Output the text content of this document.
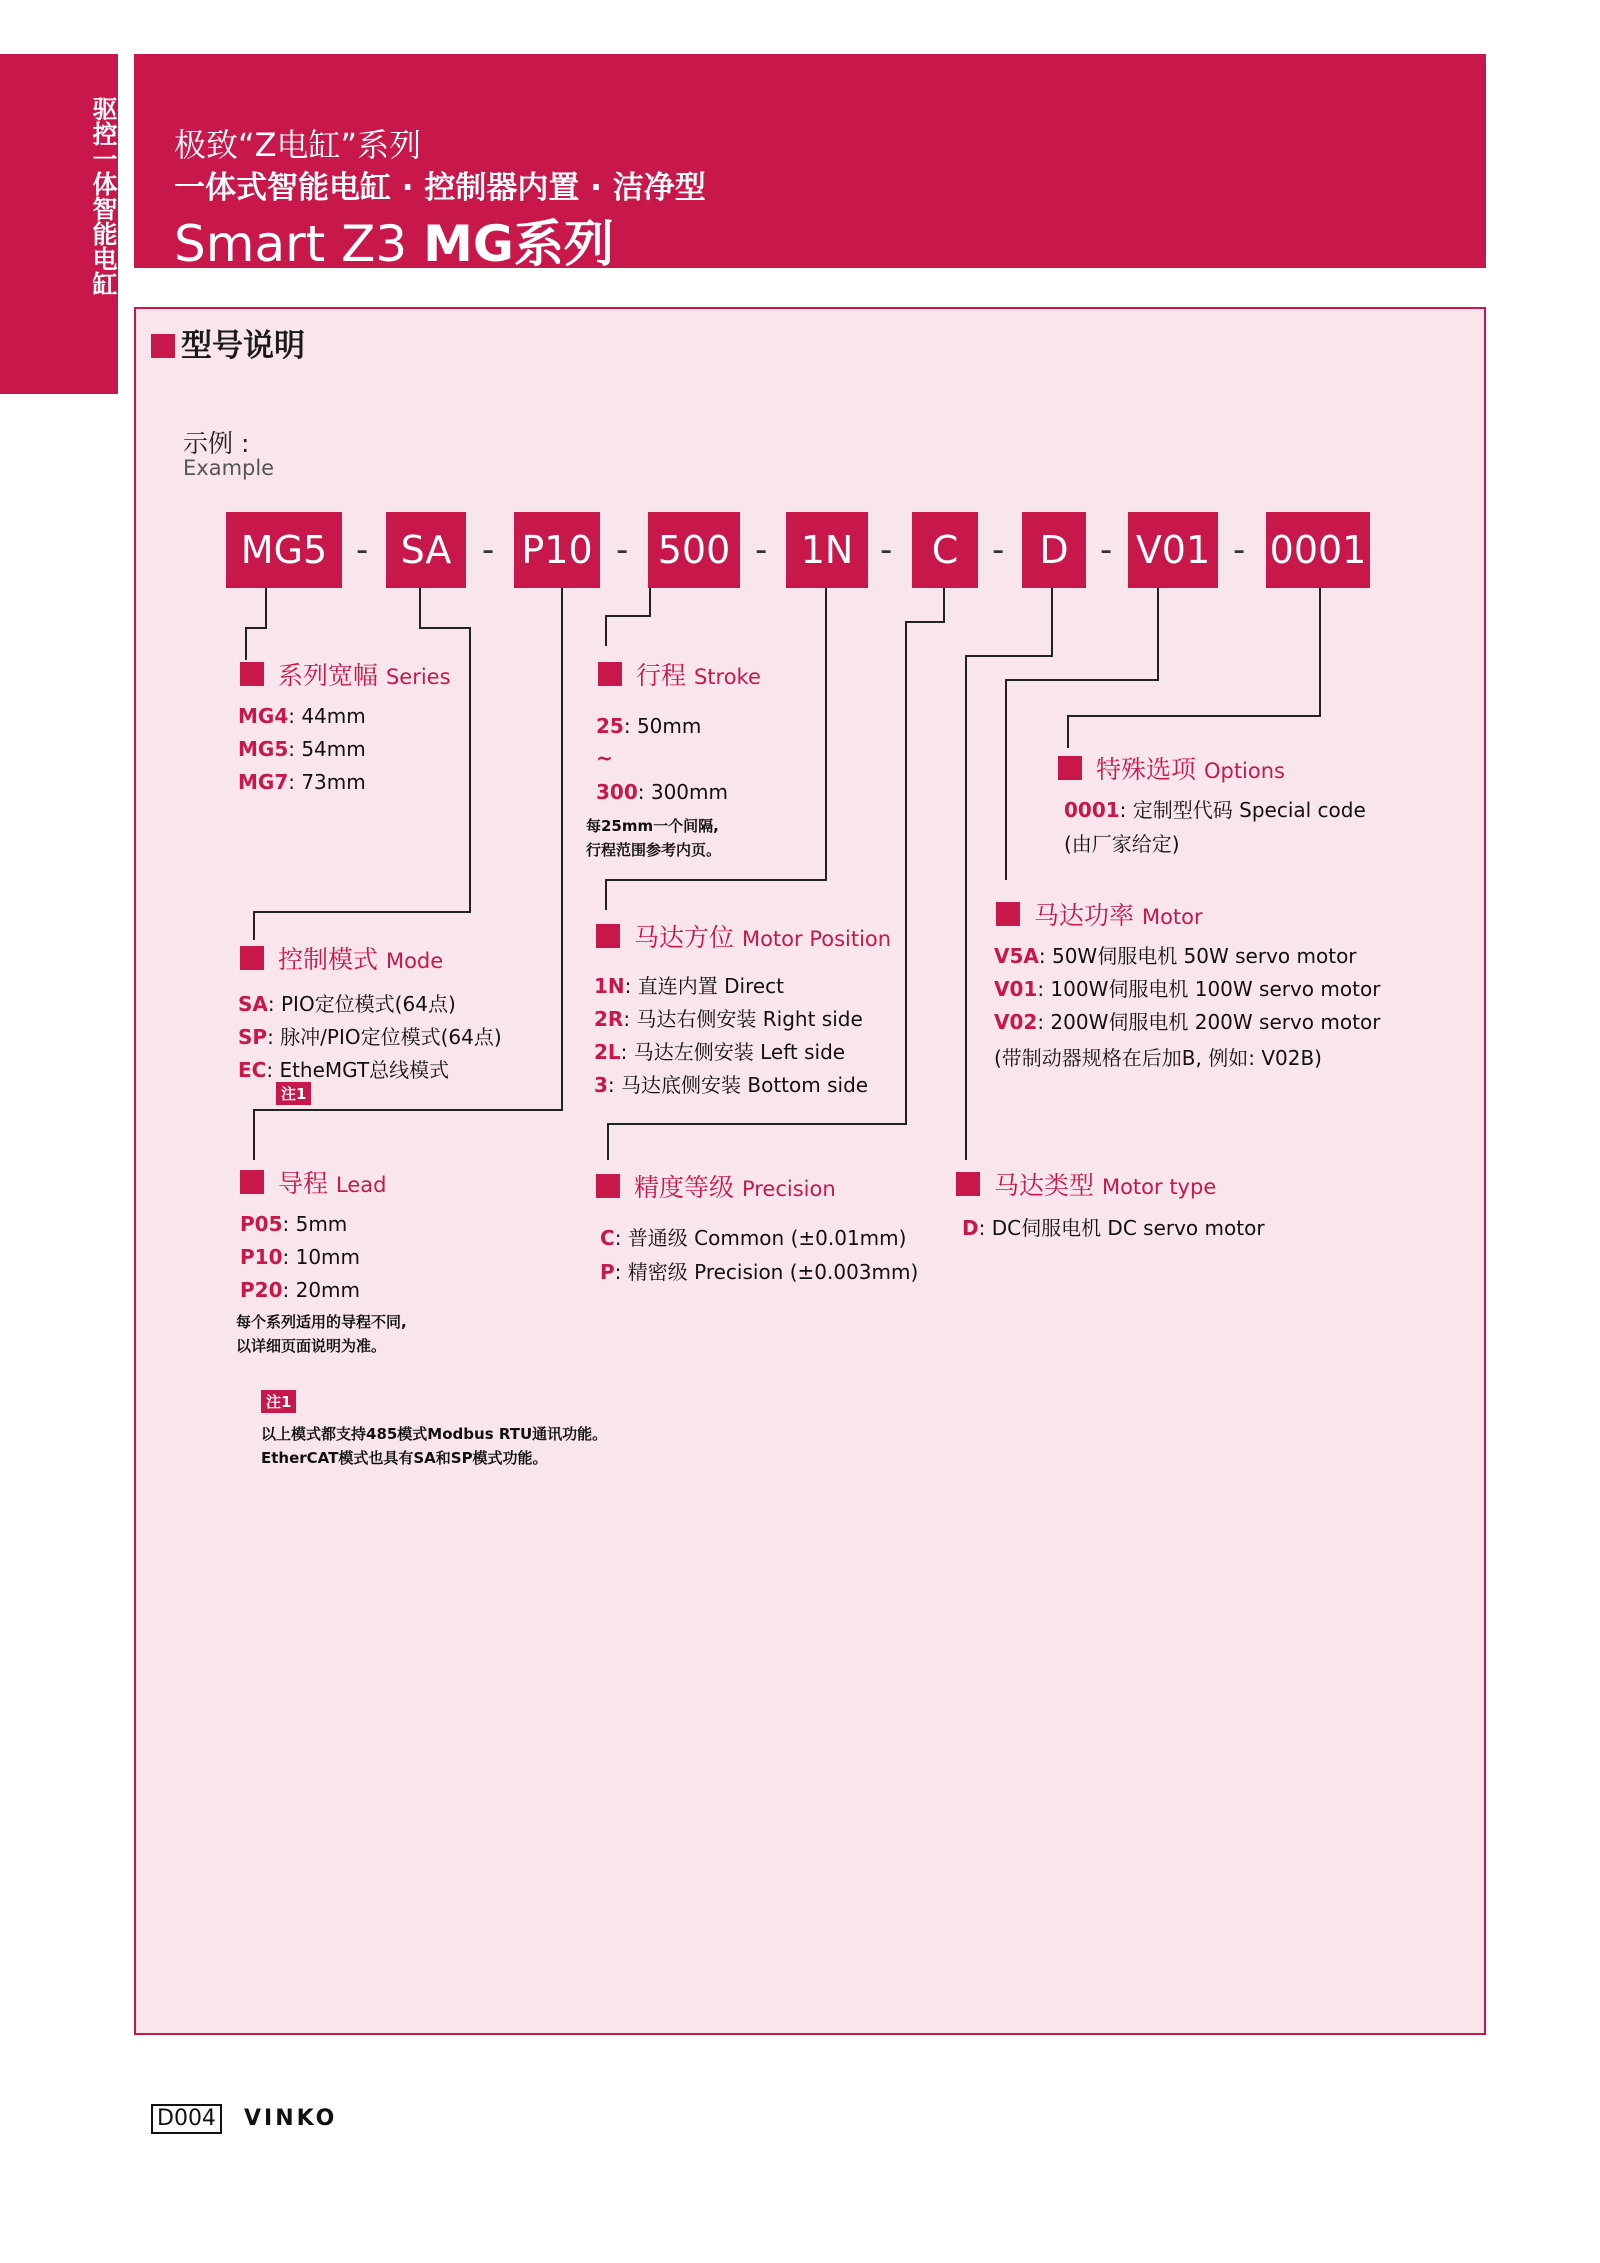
驱控一体智能电缸 极致“Z电缸”系列
一体式智能电缸 · 控制器内置 · 洁净型
Smart Z3 MG系列
型号说明
示例 :
Example
MG5 - SA - P10 - 500 - 1N -	C - D - V01 - 0001
系列宽幅 Series
MG4: 44mm
MG5: 54mm
MG7: 73mm
行程 Stroke
25: 50mm
~
300: 300mm
每25mm一个间隔,
行程范围参考内页。
特殊选项 Options
0001: 定制型代码 Special code
(由厂家给定)
控制模式 Mode
SA: PIO定位模式(64点)
SP: 脉冲/PIO定位模式(64点)
EC: EtheMGT总线模式
注1
马达方位 Motor Position
1N: 直连内置 Direct
2R: 马达右侧安装 Right side
2L: 马达左侧安装 Left side
3: 马达底侧安装 Bottom side
马达功率 Motor
V5A: 50W伺服电机 50W servo motor
V01: 100W伺服电机 100W servo motor
V02: 200W伺服电机 200W servo motor
(带制动器规格在后加B, 例如: V02B)
导程 Lead
P05: 5mm
P10: 10mm
P20: 20mm
每个系列适用的导程不同,
以详细页面说明为准。
精度等级 Precision
C: 普通级 Common (±0.01mm)
P: 精密级 Precision (±0.003mm)
马达类型 Motor type
D: DC伺服电机 DC servo motor
注1
以上模式都支持485模式Modbus RTU通讯功能。
EtherCAT模式也具有SA和SP模式功能。
D004 VINKO
